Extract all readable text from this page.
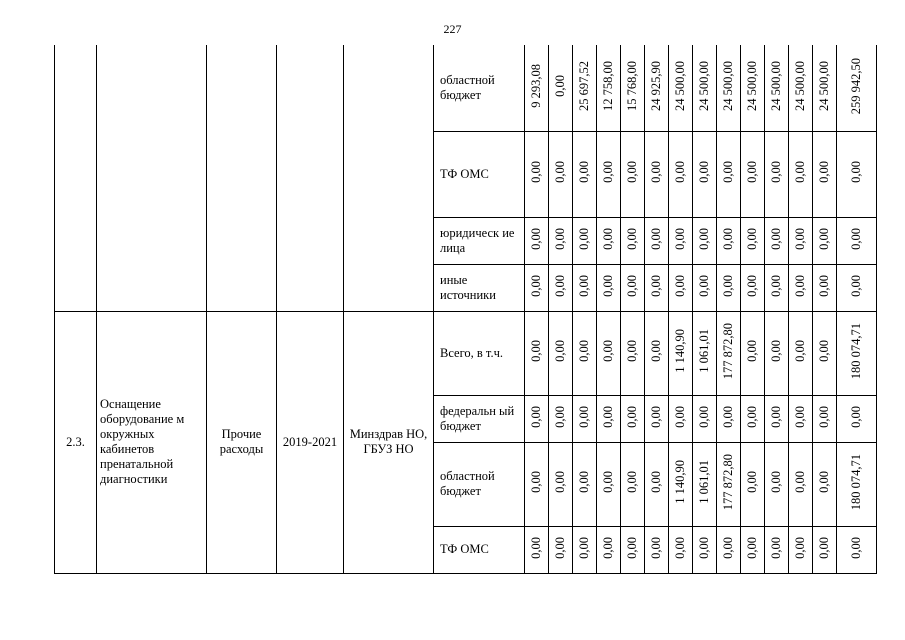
227
					областной бюджет	9 293,08	0,00	25 697,52	12 758,00	15 768,00	24 925,90	24 500,00	24 500,00	24 500,00	24 500,00	24 500,00	24 500,00	24 500,00	259 942,50
					ТФ ОМС	0,00	0,00	0,00	0,00	0,00	0,00	0,00	0,00	0,00	0,00	0,00	0,00	0,00	0,00
					юридическ ие лица	0,00	0,00	0,00	0,00	0,00	0,00	0,00	0,00	0,00	0,00	0,00	0,00	0,00	0,00
					иные источники	0,00	0,00	0,00	0,00	0,00	0,00	0,00	0,00	0,00	0,00	0,00	0,00	0,00	0,00
2.3.	Оснащение оборудование м окружных кабинетов пренатальной диагностики	Прочие расходы	2019-2021	Минздрав НО, ГБУЗ НО	Всего, в т.ч.	0,00	0,00	0,00	0,00	0,00	0,00	1 140,90	1 061,01	177 872,80	0,00	0,00	0,00	0,00	180 074,71
					федеральн ый бюджет	0,00	0,00	0,00	0,00	0,00	0,00	0,00	0,00	0,00	0,00	0,00	0,00	0,00	0,00
					областной бюджет	0,00	0,00	0,00	0,00	0,00	0,00	1 140,90	1 061,01	177 872,80	0,00	0,00	0,00	0,00	180 074,71
					ТФ ОМС	0,00	0,00	0,00	0,00	0,00	0,00	0,00	0,00	0,00	0,00	0,00	0,00	0,00	0,00
